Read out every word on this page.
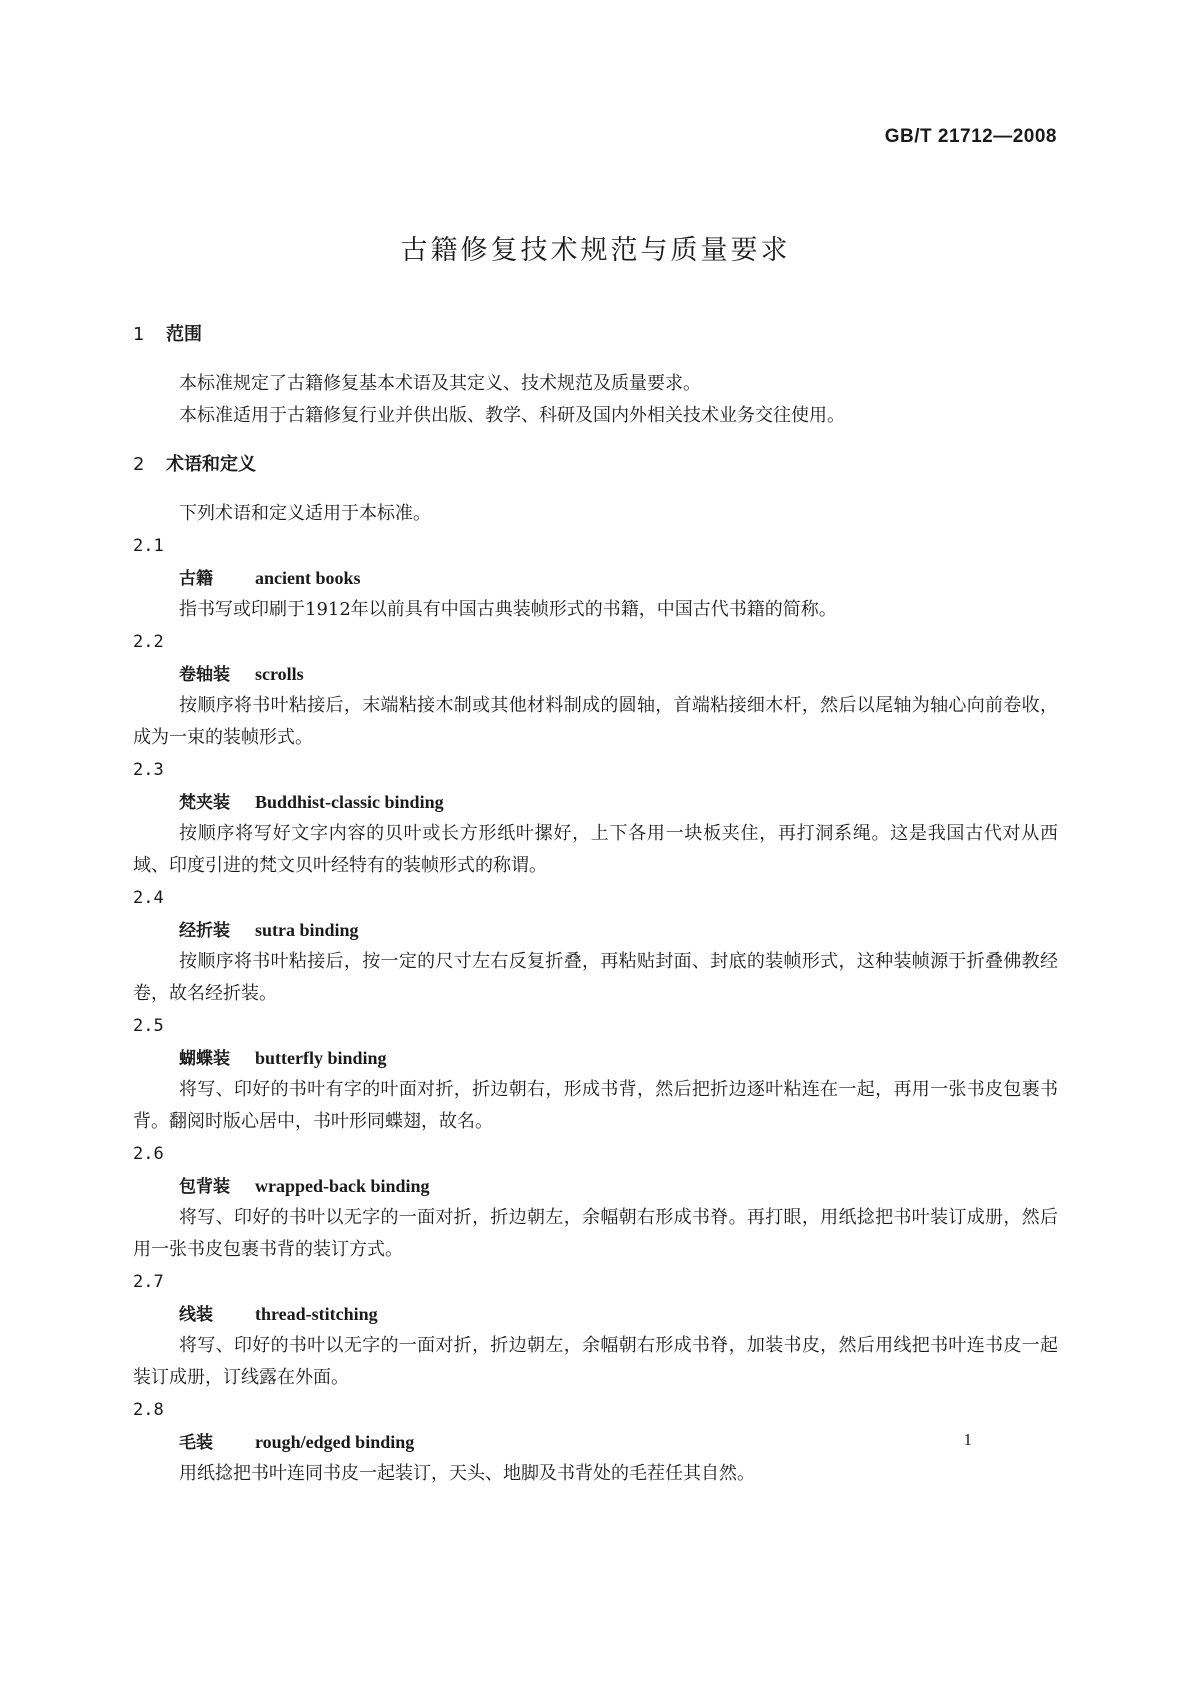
GB/T 21712—2008
古籍修复技术规范与质量要求

1 范围

本标准规定了古籍修复基本术语及其定义、技术规范及质量要求。

本标准适用于古籍修复行业并供出版、教学、科研及国内外相关技术业务交往使用。

2 术语和定义

下列术语和定义适用于本标准。

2.1

古籍 ancient books

指书写或印刷于1912年以前具有中国古典装帧形式的书籍，中国古代书籍的简称。

2.2

卷轴装 scrolls

按顺序将书叶粘接后，末端粘接木制或其他材料制成的圆轴，首端粘接细木杆，然后以尾轴为轴心向前卷收，成为一束的装帧形式。

2.3

梵夹装 Buddhist-classic binding

按顺序将写好文字内容的贝叶或长方形纸叶摞好，上下各用一块板夹住，再打洞系绳。这是我国古代对从西域、印度引进的梵文贝叶经特有的装帧形式的称谓。

2.4

经折装 sutra binding

按顺序将书叶粘接后，按一定的尺寸左右反复折叠，再粘贴封面、封底的装帧形式，这种装帧源于折叠佛教经卷，故名经折装。

2.5

蝴蝶装 butterfly binding

将写、印好的书叶有字的叶面对折，折边朝右，形成书背，然后把折边逐叶粘连在一起，再用一张书皮包裹书背。翻阅时版心居中，书叶形同蝶翅，故名。

2.6

包背装 wrapped-back binding

将写、印好的书叶以无字的一面对折，折边朝左，余幅朝右形成书脊。再打眼，用纸捻把书叶装订成册，然后用一张书皮包裹书背的装订方式。

2.7

线装 thread-stitching

将写、印好的书叶以无字的一面对折，折边朝左，余幅朝右形成书脊，加装书皮，然后用线把书叶连书皮一起装订成册，订线露在外面。

2.8

毛装 rough/edged binding

用纸捻把书叶连同书皮一起装订，天头、地脚及书背处的毛茬任其自然。

1
